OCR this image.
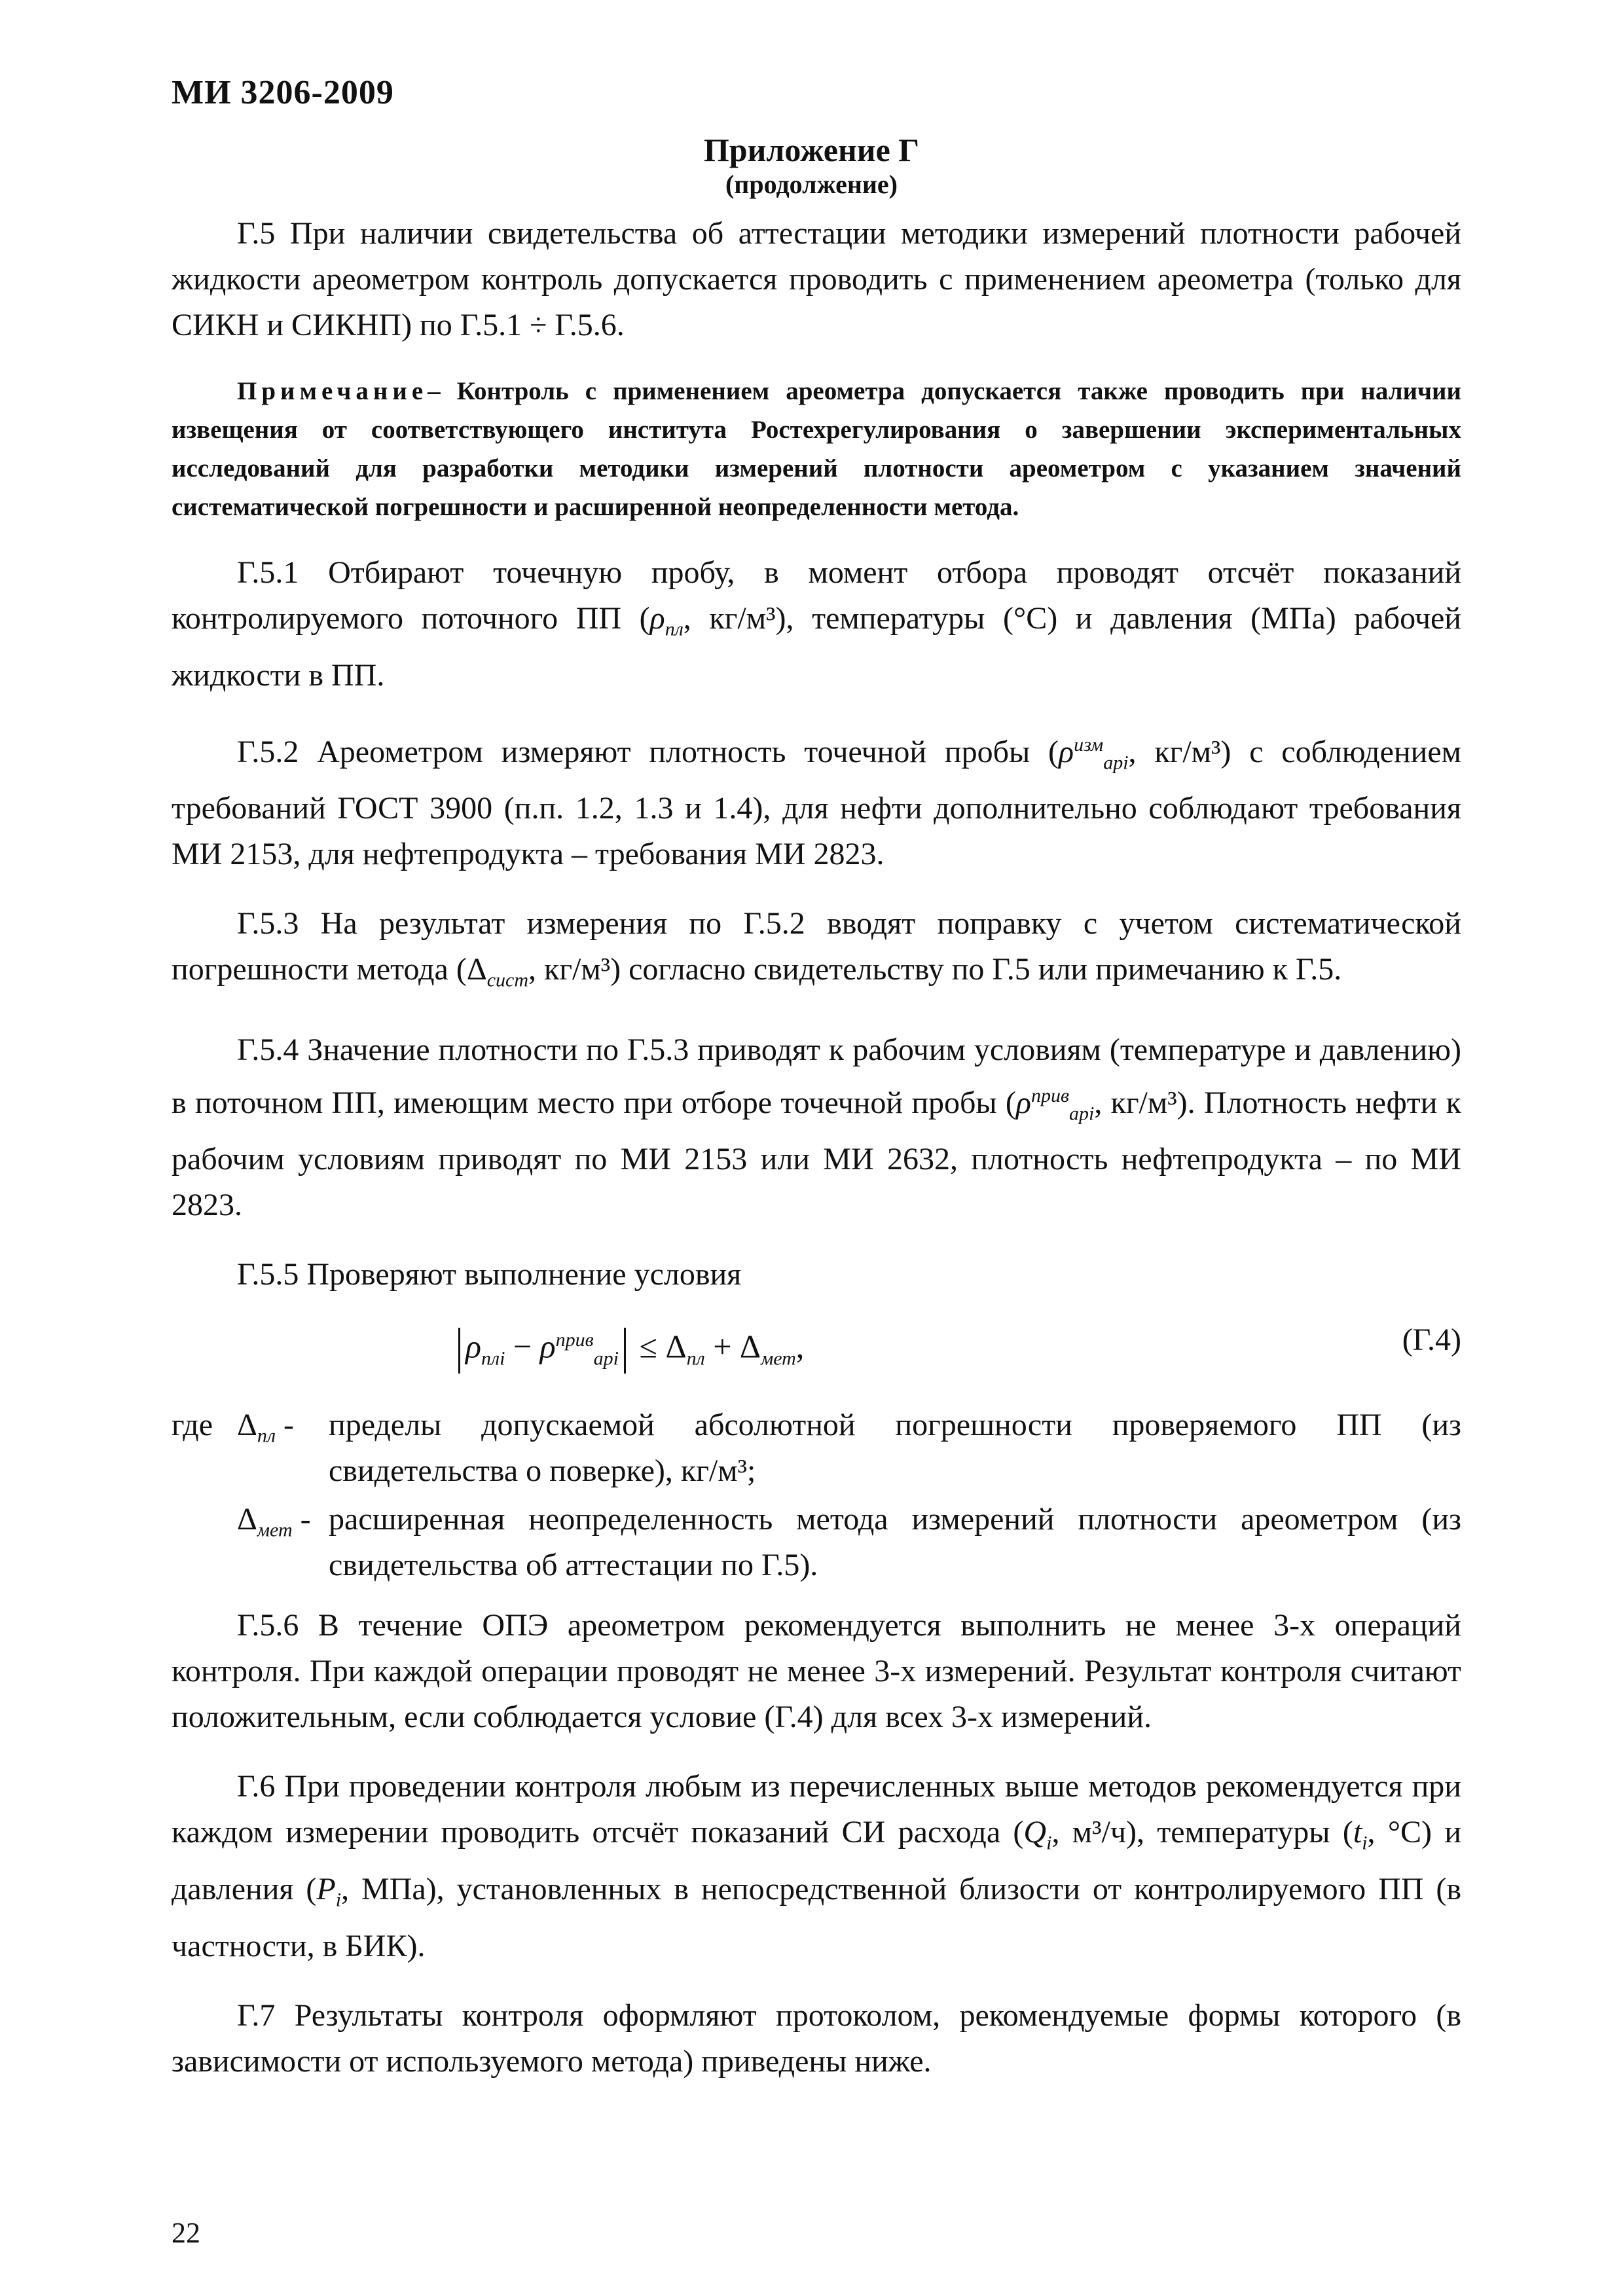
МИ 3206-2009
Приложение Г
(продолжение)

Г.5 При наличии свидетельства об аттестации методики измерений плотности рабочей жидкости ареометром контроль допускается проводить с применением ареометра (только для СИКН и СИКНП) по Г.5.1 ÷ Г.5.6.

Примечание– Контроль с применением ареометра допускается также проводить при наличии извещения от соответствующего института Ростехрегулирования о завершении экспериментальных исследований для разработки методики измерений плотности ареометром с указанием значений систематической погрешности и расширенной неопределенности метода.

Г.5.1 Отбирают точечную пробу, в момент отбора проводят отсчёт показаний контролируемого поточного ПП ($\rho_{пл}$, кг/м³), температуры (°С) и давления (МПа) рабочей жидкости в ПП.

Г.5.2 Ареометром измеряют плотность точечной пробы ($\rho^{изм}_{api}$, кг/м³) с соблюдением требований ГОСТ 3900 (п.п. 1.2, 1.3 и 1.4), для нефти дополнительно соблюдают требования МИ 2153, для нефтепродукта – требования МИ 2823.

Г.5.3 На результат измерения по Г.5.2 вводят поправку с учетом систематической погрешности метода ($\Delta_{сист}$, кг/м³) согласно свидетельству по Г.5 или примечанию к Г.5.

Г.5.4 Значение плотности по Г.5.3 приводят к рабочим условиям (температуре и давлению) в поточном ПП, имеющим место при отборе точечной пробы ($\rho^{прив}_{api}$, кг/м³). Плотность нефти к рабочим условиям приводят по МИ 2153 или МИ 2632, плотность нефтепродукта – по МИ 2823.

Г.5.5 Проверяют выполнение условия

$\rho_{плi} - \rho^{прив}_{api} \le \Delta_{пл} + \Delta_{мет}$,	(Г.4)
где $\Delta_{пл}$ -	пределы допускаемой абсолютной погрешности проверяемого ПП (из свидетельства о поверке), кг/м³;
$\Delta_{мет}$ - расширенная неопределенность метода измерений плотности ареометром (из свидетельства об аттестации по Г.5).

Г.5.6 В течение ОПЭ ареометром рекомендуется выполнить не менее 3-х операций контроля. При каждой операции проводят не менее 3-х измерений. Результат контроля считают положительным, если соблюдается условие (Г.4) для всех 3-х измерений.

Г.6 При проведении контроля любым из перечисленных выше методов рекомендуется при каждом измерении проводить отсчёт показаний СИ расхода ($Q_i$, м³/ч), температуры ($t_i$, °С) и давления ($P_i$, МПа), установленных в непосредственной близости от контролируемого ПП (в частности, в БИК).

Г.7 Результаты контроля оформляют протоколом, рекомендуемые формы которого (в зависимости от используемого метода) приведены ниже.

22
